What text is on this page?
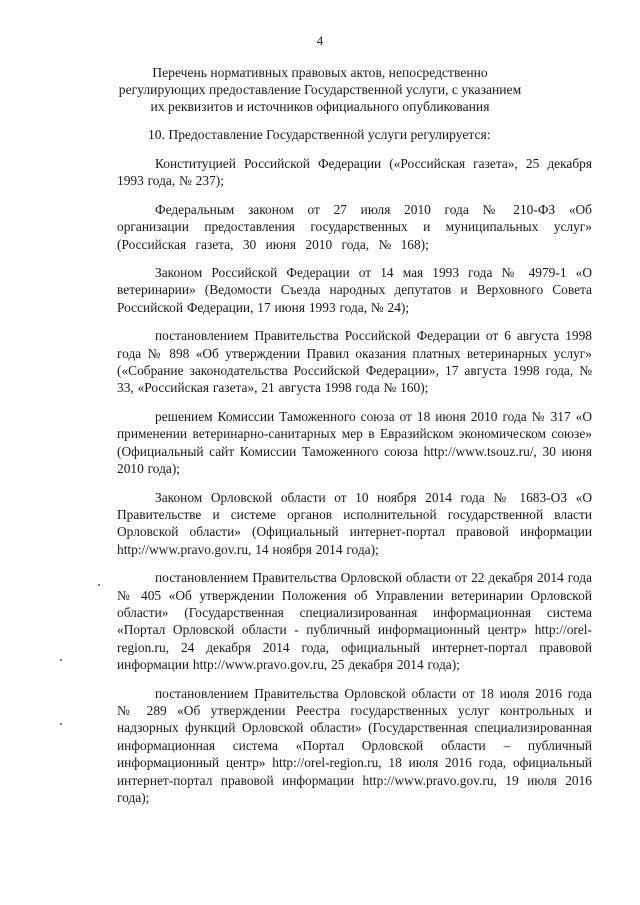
4
Перечень нормативных правовых актов, непосредственно
регулирующих предоставление Государственной услуги, с указанием
их реквизитов и источников официального опубликования
10. Предоставление Государственной услуги регулируется:

Конституцией Российской Федерации («Российская газета», 25 декабря 1993 года, № 237);

Федеральным законом от 27 июля 2010 года № 210-ФЗ «Об организации предоставления государственных и муниципальных услуг» (Российская газета, 30 июня 2010 года, № 168);

Законом Российской Федерации от 14 мая 1993 года № 4979-1 «О ветеринарии» (Ведомости Съезда народных депутатов и Верховного Совета Российской Федерации, 17 июня 1993 года, № 24);

постановлением Правительства Российской Федерации от 6 августа 1998 года № 898 «Об утверждении Правил оказания платных ветеринарных услуг» («Собрание законодательства Российской Федерации», 17 августа 1998 года, № 33, «Российская газета», 21 августа 1998 года № 160);

решением Комиссии Таможенного союза от 18 июня 2010 года № 317 «О применении ветеринарно-санитарных мер в Евразийском экономическом союзе» (Официальный сайт Комиссии Таможенного союза http://www.tsouz.ru/, 30 июня 2010 года);

Законом Орловской области от 10 ноября 2014 года № 1683-ОЗ «О Правительстве и системе органов исполнительной государственной власти Орловской области» (Официальный интернет-портал правовой информации http://www.pravo.gov.ru, 14 ноября 2014 года);

постановлением Правительства Орловской области от 22 декабря 2014 года № 405 «Об утверждении Положения об Управлении ветеринарии Орловской области» (Государственная специализированная информационная система «Портал Орловской области - публичный информационный центр» http://orel-region.ru, 24 декабря 2014 года, официальный интернет-портал правовой информации http://www.pravo.gov.ru, 25 декабря 2014 года);

постановлением Правительства Орловской области от 18 июля 2016 года № 289 «Об утверждении Реестра государственных услуг контрольных и надзорных функций Орловской области» (Государственная специализированная информационная система «Портал Орловской области – публичный информационный центр» http://orel-region.ru, 18 июля 2016 года, официальный интернет-портал правовой информации http://www.pravo.gov.ru, 19 июля 2016 года);
